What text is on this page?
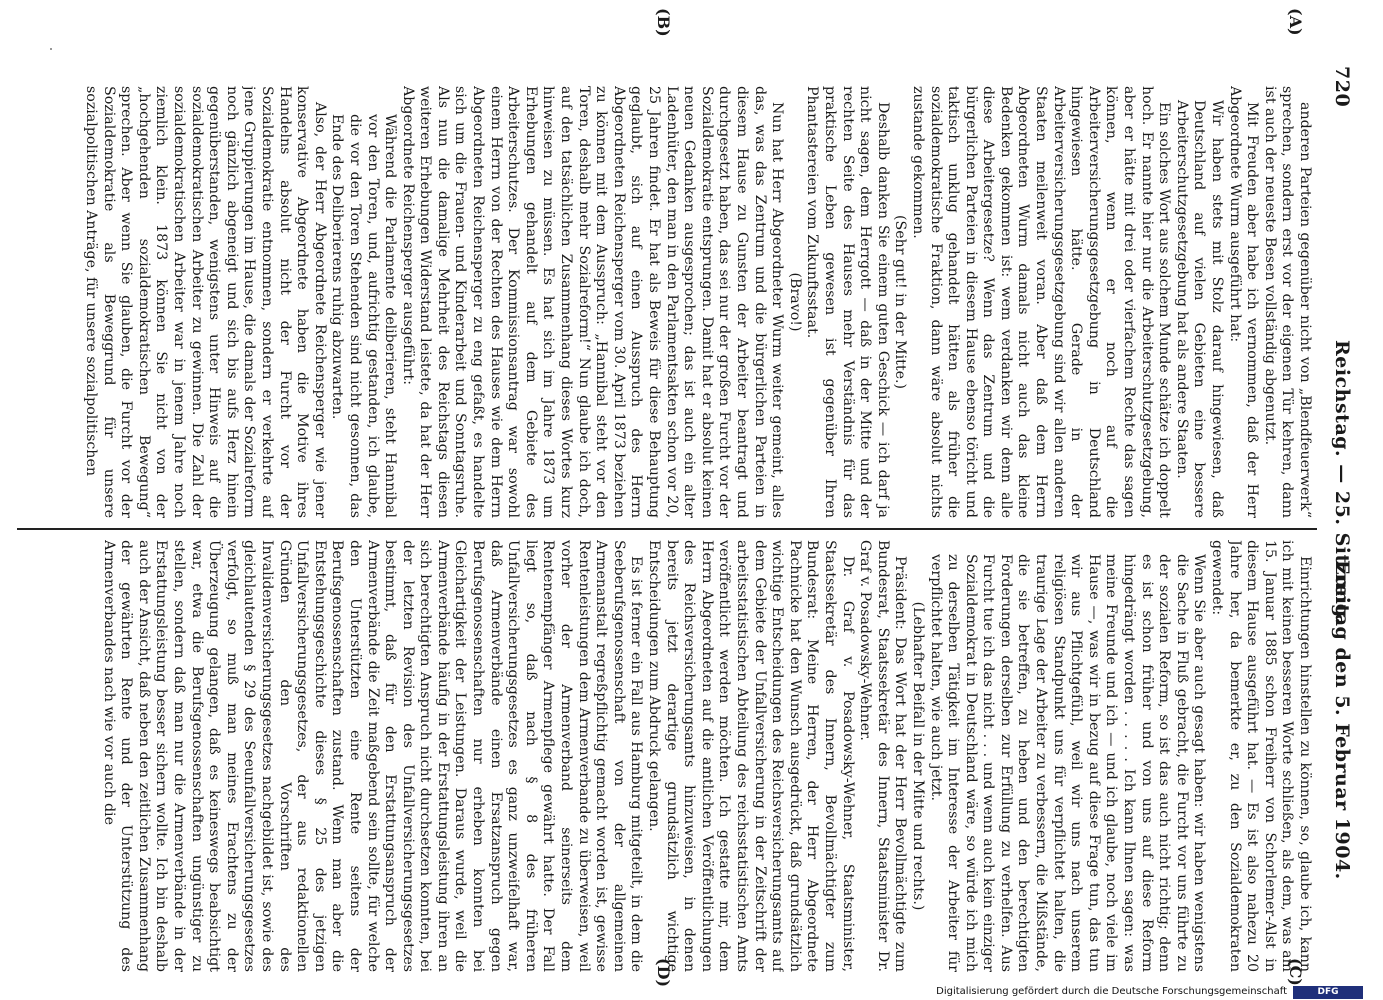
720
Reichstag. — 25. Sitzung.
Freitag den 5. Februar 1904.
(A)
(B)
(C)
(D)

anderen Parteien gegenüber nicht von „Blendfeuerwerk“ sprechen, sondern erst vor der eigenen Tür kehren, dann ist auch der neueste Besen vollständig abgenutzt.

Mit Freuden aber habe ich vernommen, daß der Herr Abgeordnete Wurm ausgeführt hat:

Wir haben stets mit Stolz darauf hingewiesen, daß Deutschland auf vielen Gebieten eine bessere Arbeiterschutzgesetzgebung hat als andere Staaten.

Ein solches Wort aus solchem Munde schätze ich doppelt hoch. Er nannte hier nur die Arbeiterschutzgesetzgebung, aber er hätte mit drei oder vierfachem Rechte das sagen können, wenn er noch auf die Arbeiterversicherungsgesetzgebung in Deutschland hingewiesen hätte. Gerade in der Arbeiterversicherungsgesetzgebung sind wir allen anderen Staaten meilenweit voran. Aber daß dem Herrn Abgeordneten Wurm damals nicht auch das kleine Bedenken gekommen ist: wem verdanken wir denn alle diese Arbeitergesetze? Wenn das Zentrum und die bürgerlichen Parteien in diesem Hause ebenso töricht und taktisch unklug gehandelt hätten als früher die sozialdemokratische Fraktion, dann wäre absolut nichts zustande gekommen.

(Sehr gut! in der Mitte.)

Deshalb danken Sie einem guten Geschick — ich darf ja nicht sagen, dem Herrgott — daß in der Mitte und der rechten Seite des Hauses mehr Verständnis für das praktische Leben gewesen ist gegenüber Ihren Phantastereien vom Zukunftsstaat.

(Bravo!)

Nun hat Herr Abgeordneter Wurm weiter gemeint, alles das, was das Zentrum und die bürgerlichen Parteien in diesem Hause zu Gunsten der Arbeiter beantragt und durchgesetzt haben, das sei nur der großen Furcht vor der Sozialdemokratie entsprungen. Damit hat er absolut keinen neuen Gedanken ausgesprochen; das ist auch ein alter Ladenhüter, den man in den Parlamentsakten schon vor 20, 25 Jahren findet. Er hat als Beweis für diese Behauptung geglaubt, sich auf einen Ausspruch des Herrn Abgeordneten Reichensperger vom 30. April 1873 beziehen zu können mit dem Ausspruch: „Hannibal steht vor den Toren, deshalb mehr Sozialreform!“ Nun glaube ich doch, auf den tatsächlichen Zusammenhang dieses Wortes kurz hinweisen zu müssen. Es hat sich im Jahre 1873 um Erhebungen gehandelt auf dem Gebiete des Arbeiterschutzes. Der Kommissionsantrag war sowohl einem Herrn von der Rechten des Hauses wie dem Herrn Abgeordneten Reichensperger zu eng gefaßt, es handelte sich um die Frauen- und Kinderarbeit und Sonntagsruhe. Als nun die damalige Mehrheit des Reichstags diesen weiteren Erhebungen Widerstand leistete, da hat der Herr Abgeordnete Reichensperger ausgeführt:

Während die Parlamente deliberieren, steht Hannibal vor den Toren, und, aufrichtig gestanden, ich glaube, die vor den Toren Stehenden sind nicht gesonnen, das Ende des Deliberierens ruhig abzuwarten.

Also, der Herr Abgeordnete Reichensperger wie jener konservative Abgeordnete haben die Motive ihres Handelns absolut nicht der Furcht vor der Sozialdemokratie entnommen, sondern er verkehrte auf jene Gruppierungen im Hause, die damals der Sozialreform noch gänzlich abgeneigt und sich bis aufs Herz hinein gegenüberstanden, wenigstens unter Hinweis auf die sozialdemokratischen Arbeiter zu gewinnen. Die Zahl der sozialdemokratischen Arbeiter war in jenem Jahre noch ziemlich klein. 1873 können Sie nicht von der „hochgehenden sozialdemokratischen Bewegung“ sprechen. Aber wenn Sie glauben, die Furcht vor der Sozialdemokratie als Beweggrund für unsere sozialpolitischen Anträge, für unsere sozialpolitischen

Einrichtungen hinstellen zu können, so, glaube ich, kann ich mit keinen besseren Worte schließen, als dem, was am 15. Januar 1885 schon Freiherr von Schorlemer-Alst in diesem Hause ausgeführt hat. — Es ist also nahezu 20 Jahre her, da bemerkte er, zu den Sozialdemokraten gewendet:

Wenn Sie aber auch gesagt haben: wir haben wenigstens die Sache in Fluß gebracht, die Furcht vor uns führte zu der sozialen Reform, so ist das auch nicht richtig; denn es ist schon früher und von uns auf diese Reform hingedrängt worden . . . . . Ich kann Ihnen sagen: was meine Freunde und ich — und ich glaube, noch viele im Hause —, was wir in bezug auf diese Frage tun, das tun wir aus Pflichtgefühl, weil wir uns nach unserem religiösen Standpunkt uns für verpflichtet halten, die traurige Lage der Arbeiter zu verbessern, die Mißstände, die sie betreffen, zu heben und den berechtigten Forderungen derselben zur Erfüllung zu verhelfen. Aus Furcht tue ich das nicht . . . und wenn auch kein einziger Sozialdemokrat in Deutschland wäre, so würde ich mich zu derselben Tätigkeit im Interesse der Arbeiter für verpflichtet halten, wie auch jetzt.

(Lebhafter Beifall in der Mitte und rechts.)

Präsident: Das Wort hat der Herr Bevollmächtigte zum Bundesrat, Staatssekretär des Innern, Staatsminister Dr. Graf v. Posadowsky-Wehner.

Dr. Graf v. Posadowsky-Wehner, Staatsminister, Staatssekretär des Innern, Bevollmächtigter zum Bundesrat: Meine Herren, der Herr Abgeordnete Pachnicke hat den Wunsch ausgedrückt, daß grundsätzlich wichtige Entscheidungen des Reichsversicherungsamts auf dem Gebiete der Unfallversicherung in der Zeitschrift der arbeitsstatistischen Abteilung des reichsstatistischen Amts veröffentlicht werden möchten. Ich gestatte mir, dem Herrn Abgeordneten auf die amtlichen Veröffentlichungen des Reichsversicherungsamts hinzuweisen, in denen bereits jetzt derartige grundsätzlich wichtige Entscheidungen zum Abdruck gelangen.

Es ist ferner ein Fall aus Hamburg mitgeteilt, in dem die Seeberufsgenossenschaft von der allgemeinen Armenanstalt regreßpflichtig gemacht worden ist, gewisse Rentenleistungen dem Armenverbande zu überweisen, weil vorher der Armenverband seinerseits dem Rentenempfänger Armenpflege gewährt hatte. Der Fall liegt so, daß nach § 8 des früheren Unfallversicherungsgesetzes es ganz unzweifelhaft war, daß Armenverbände einen Ersatzanspruch gegen Berufsgenossenschaften nur erheben konnten bei Gleichartigkeit der Leistungen. Daraus wurde, weil die Armenverbände häufig in der Erstattungsleistung ihren an sich berechtigten Anspruch nicht durchsetzen konnten, bei der letzten Revision des Unfallversicherungsgesetzes bestimmt, daß für den Erstattungsanspruch der Armenverbände die Zeit maßgebend sein sollte, für welche den Unterstützten eine Rente seitens der Berufsgenossenschaften zustand. Wenn man aber die Entstehungsgeschichte dieses § 25 des jetzigen Unfallversicherungsgesetzes, der aus redaktionellen Gründen den Vorschriften des Invalidenversicherungsgesetzes nachgebildet ist, sowie des gleichlautenden § 29 des Seeunfallversicherungsgesetzes verfolgt, so muß man meines Erachtens zu der Überzeugung gelangen, daß es keineswegs beabsichtigt war, etwa die Berufsgenossenschaften ungünstiger zu stellen, sondern daß man nur die Armenverbände in der Erstattungsleistung besser sichern wollte. Ich bin deshalb auch der Ansicht, daß neben den zeitlichen Zusammenhang der gewährten Rente und der Unterstützung des Armenverbandes nach wie vor auch die

Digitalisierung gefördert durch die Deutsche Forschungsgemeinschaft	DFG
